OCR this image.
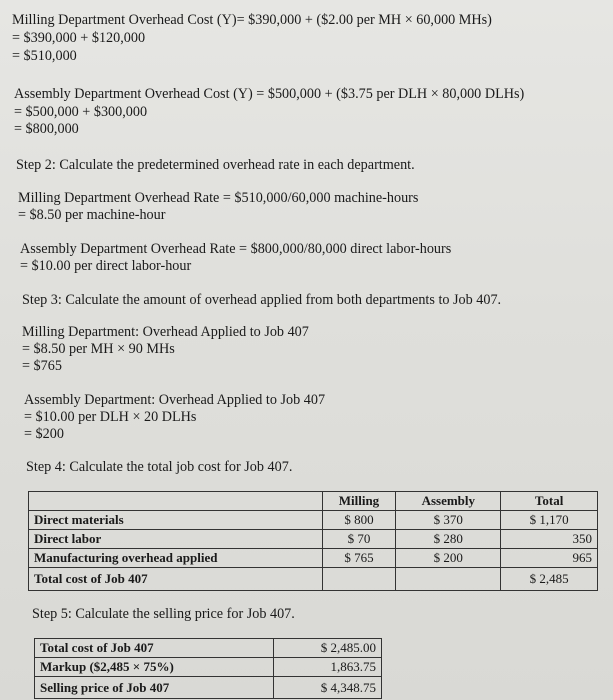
Milling Department Overhead Cost (Y)= $390,000 + ($2.00 per MH × 60,000 MHs)
= $390,000 + $120,000
= $510,000
Assembly Department Overhead Cost (Y) = $500,000 + ($3.75 per DLH × 80,000 DLHs)
= $500,000 + $300,000
= $800,000
Step 2: Calculate the predetermined overhead rate in each department.
Milling Department Overhead Rate = $510,000/60,000 machine-hours
= $8.50 per machine-hour
Assembly Department Overhead Rate = $800,000/80,000 direct labor-hours
= $10.00 per direct labor-hour
Step 3: Calculate the amount of overhead applied from both departments to Job 407.
Milling Department: Overhead Applied to Job 407
= $8.50 per MH × 90 MHs
= $765
Assembly Department: Overhead Applied to Job 407
= $10.00 per DLH × 20 DLHs
= $200
Step 4: Calculate the total job cost for Job 407.
	Milling	Assembly	Total
Direct materials	$ 800	$ 370	$ 1,170
Direct labor	$ 70	$ 280	350
Manufacturing overhead applied	$ 765	$ 200	965
Total cost of Job 407			$ 2,485
Step 5: Calculate the selling price for Job 407.
Total cost of Job 407	$ 2,485.00
Markup ($2,485 × 75%)	1,863.75
Selling price of Job 407	$ 4,348.75
